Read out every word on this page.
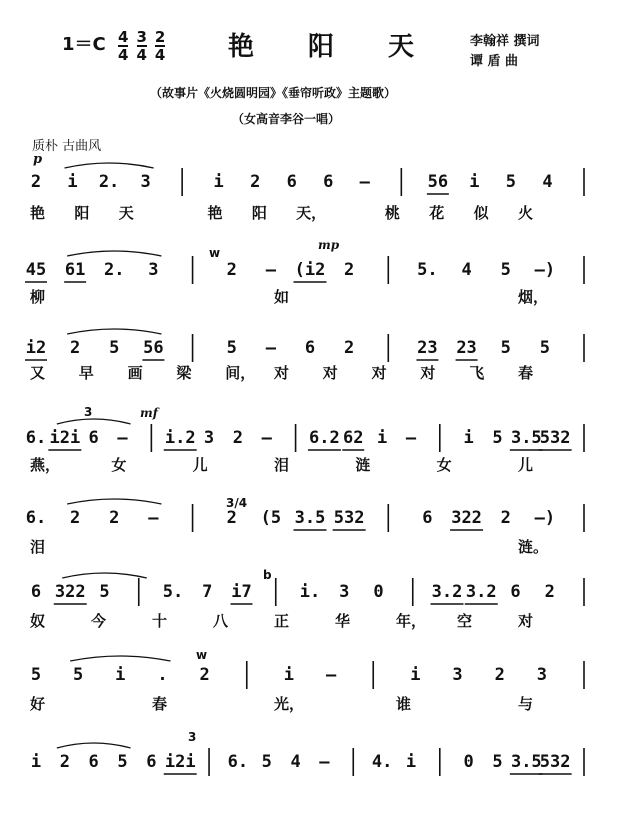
$1=C \frac{4}{4} \frac{3}{4} \frac{2}{4}$ 艳阳天 李翰祥 撰词
谭 盾 曲
（故事片《火烧圆明园》《垂帘听政》主题歌）
（女高音李谷一唱）
质朴 古曲风
p
2 i 2. 3	i 2 6 6 —	56 i 5 4
艳 阳 天	艳 阳 天，	桃 花 似 火
45 61 2. 3	2 — (i2 2	5. 4 5 —)
柳	如	烟，
mp
w
i2 2 5 56	5 — 6 2	23 23 5 5
又 早 画 梁 间， 对 对 对 对 飞 春
6. i2i 6 — i.2 3 2 — 6.2 62 i —	i 5 3.5
532
燕，	女	儿	泪	涟	女	儿
3	mf
6. 2 2 —	2 (5 3.5 532	6 322 2 —)
泪	涟。
3/4
6 322 5	5. 7 i7	i. 3 0	3.2 3.2 6 2
奴	今	十	八	正	华	年， 空	对
b
5 5 i . 2	i —	i 3 2 3
好	春	光，	谁	与
w
i 2 6 5 6 i2i 6. 5 4 — 4. i	0 5 3.5
532
3
